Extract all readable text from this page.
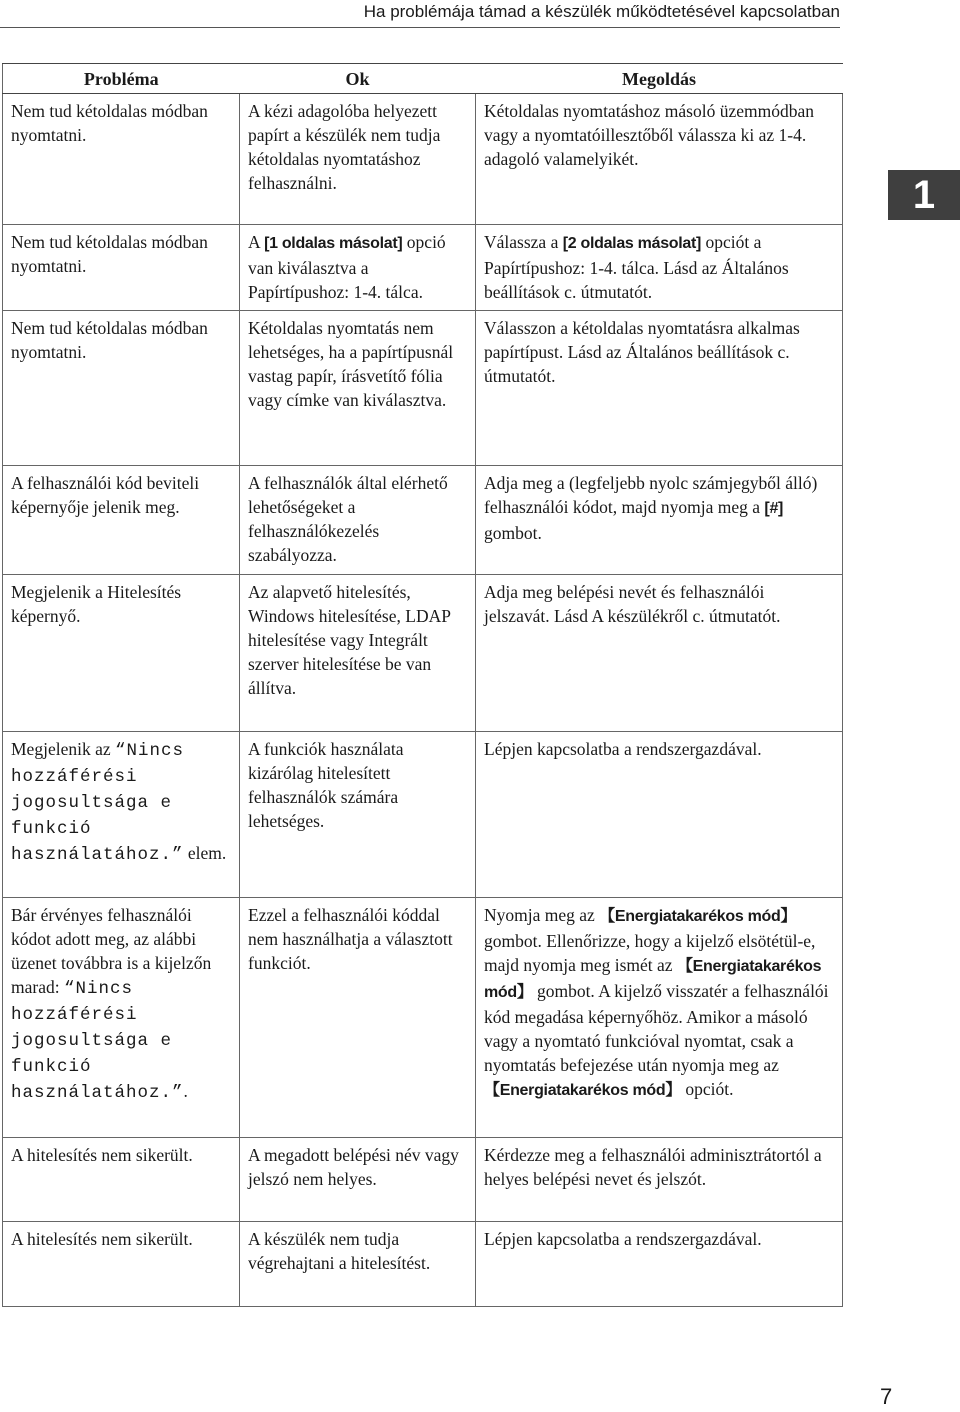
Ha problémája támad a készülék működtetésével kapcsolatban
1
Probléma	Ok	Megoldás
Nem tud kétoldalas módban nyomtatni.	A kézi adagolóba helyezett papírt a készülék nem tudja kétoldalas nyomtatáshoz felhasználni.	Kétoldalas nyomtatáshoz másoló üzemmódban vagy a nyomtatóillesztőből válassza ki az 1-4. adagoló valamelyikét.
Nem tud kétoldalas módban nyomtatni.	A [1 oldalas másolat] opció van kiválasztva a Papírtípushoz: 1-4. tálca.	Válassza a [2 oldalas másolat] opciót a Papírtípushoz: 1-4. tálca. Lásd az Általános beállítások c. útmutatót.
Nem tud kétoldalas módban nyomtatni.	Kétoldalas nyomtatás nem lehetséges, ha a papírtípusnál vastag papír, írásvetítő fólia vagy címke van kiválasztva.	Válasszon a kétoldalas nyomtatásra alkalmas papírtípust. Lásd az Általános beállítások c. útmutatót.
A felhasználói kód beviteli képernyője jelenik meg.	A felhasználók által elérhető lehetőségeket a felhasználókezelés szabályozza.	Adja meg a (legfeljebb nyolc számjegyből álló) felhasználói kódot, majd nyomja meg a [#] gombot.
Megjelenik a Hitelesítés képernyő.	Az alapvető hitelesítés, Windows hitelesítése, LDAP hitelesítése vagy Integrált szerver hitelesítése be van állítva.	Adja meg belépési nevét és felhasználói jelszavát. Lásd A készülékről c. útmutatót.
Megjelenik az “Nincs hozzáférési jogosultsága e funkció használatához.” elem.	A funkciók használata kizárólag hitelesített felhasználók számára lehetséges.	Lépjen kapcsolatba a rendszergazdával.
Bár érvényes felhasználói kódot adott meg, az alábbi üzenet továbbra is a kijelzőn marad: “Nincs hozzáférési jogosultsága e funkció használatához.”.	Ezzel a felhasználói kóddal nem használhatja a választott funkciót.	Nyomja meg az 【Energiatakarékos mód】 gombot. Ellenőrizze, hogy a kijelző elsötétül-e, majd nyomja meg ismét az 【Energiatakarékos mód】 gombot. A kijelző visszatér a felhasználói kód megadása képernyőhöz. Amikor a másoló vagy a nyomtató funkcióval nyomtat, csak a nyomtatás befejezése után nyomja meg az 【Energiatakarékos mód】 opciót.
A hitelesítés nem sikerült.	A megadott belépési név vagy jelszó nem helyes.	Kérdezze meg a felhasználói adminisztrátortól a helyes belépési nevet és jelszót.
A hitelesítés nem sikerült.	A készülék nem tudja végrehajtani a hitelesítést.	Lépjen kapcsolatba a rendszergazdával.
7
